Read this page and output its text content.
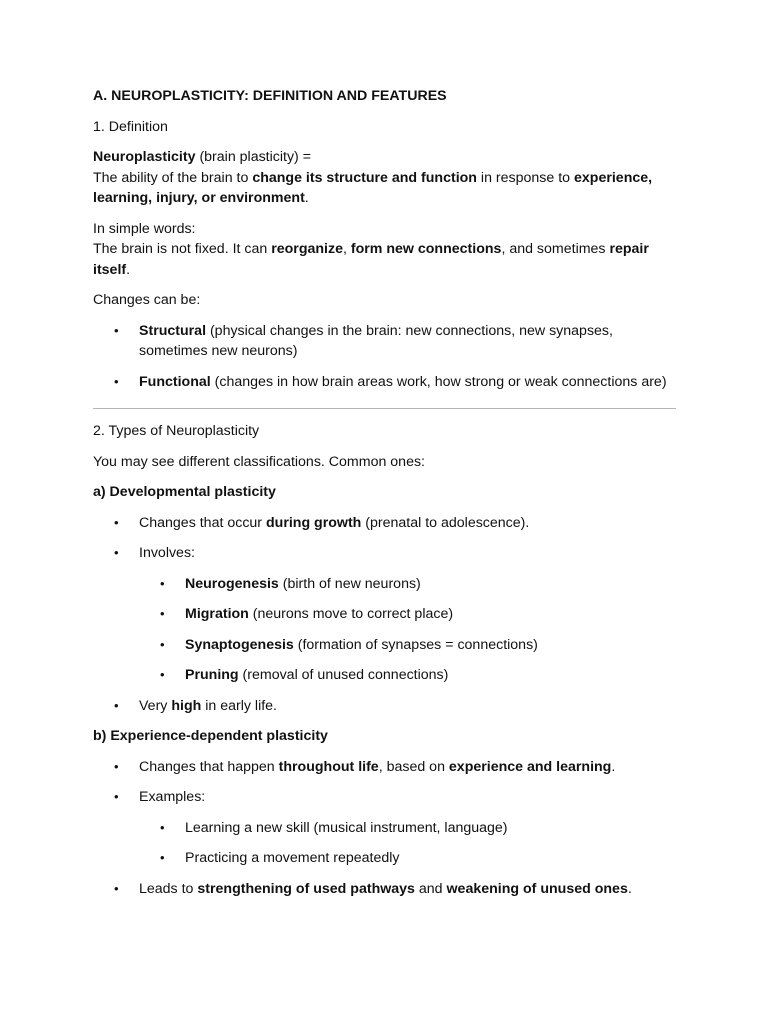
A. NEUROPLASTICITY: DEFINITION AND FEATURES

1. Definition

Neuroplasticity (brain plasticity) =
The ability of the brain to change its structure and function in response to experience, learning, injury, or environment.

In simple words:
The brain is not fixed. It can reorganize, form new connections, and sometimes repair itself.

Changes can be:

• Structural (physical changes in the brain: new connections, new synapses, sometimes new neurons)
• Functional (changes in how brain areas work, how strong or weak connections are)

2. Types of Neuroplasticity

You may see different classifications. Common ones:

a) Developmental plasticity

• Changes that occur during growth (prenatal to adolescence).
• Involves:
• Neurogenesis (birth of new neurons)
• Migration (neurons move to correct place)
• Synaptogenesis (formation of synapses = connections)
• Pruning (removal of unused connections)
• Very high in early life.

b) Experience-dependent plasticity

• Changes that happen throughout life, based on experience and learning.
• Examples:
• Learning a new skill (musical instrument, language)
• Practicing a movement repeatedly
• Leads to strengthening of used pathways and weakening of unused ones.
